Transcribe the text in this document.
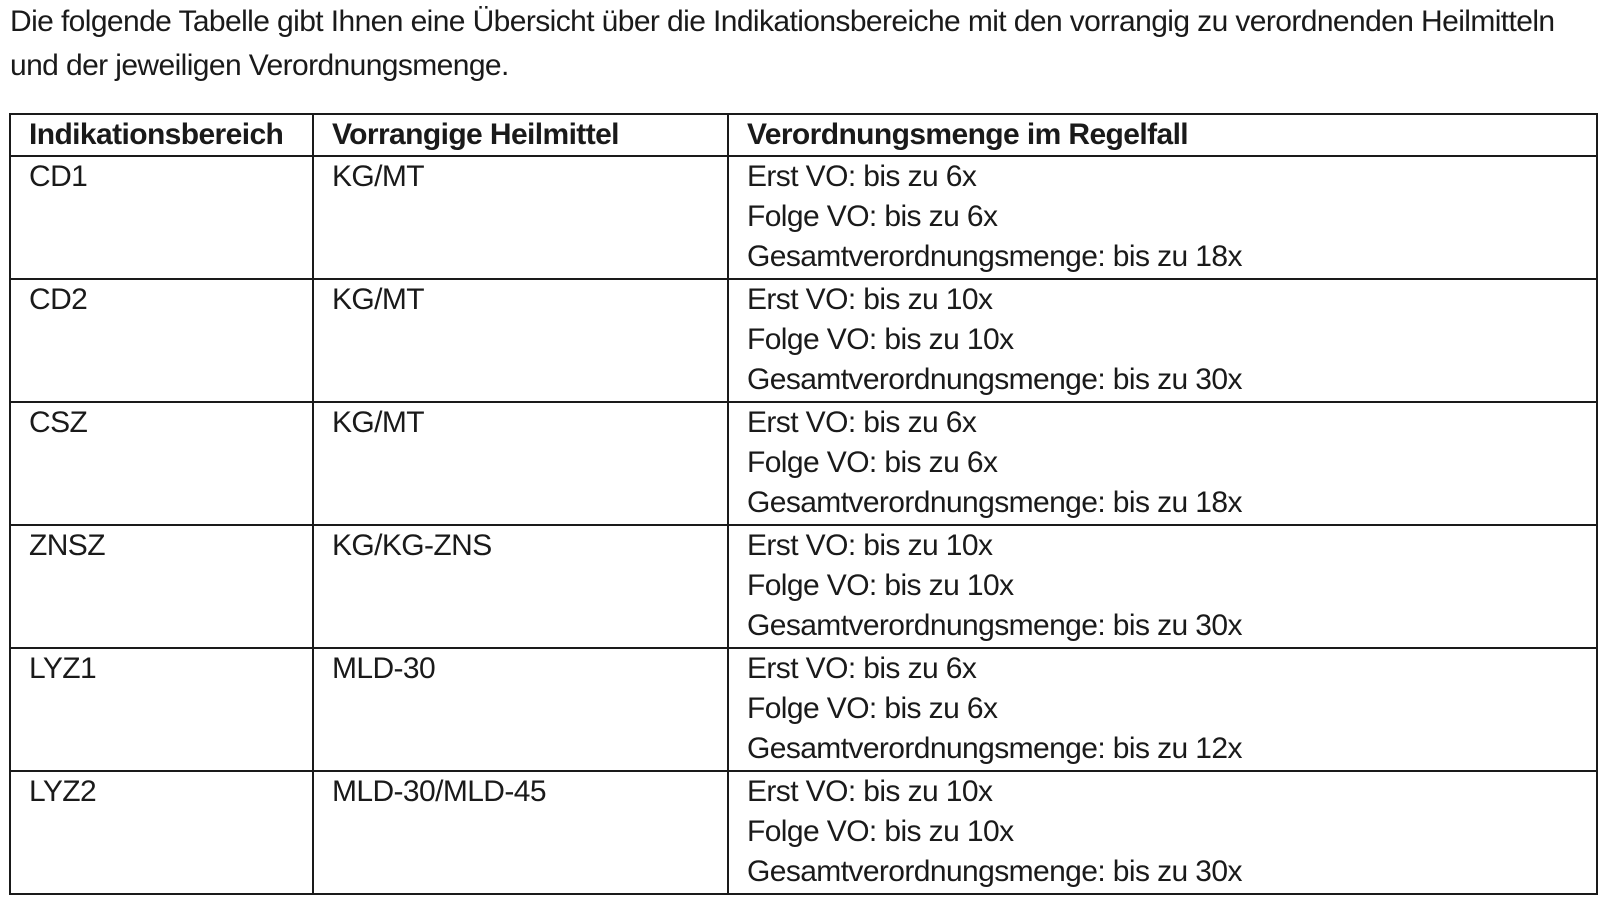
Die folgende Tabelle gibt Ihnen eine Übersicht über die Indikationsbereiche mit den vorrangig zu verordnenden Heilmitteln
und der jeweiligen Verordnungsmenge.

Indikationsbereich	Vorrangige Heilmittel	Verordnungsmenge im Regelfall
CD1	KG/MT	Erst VO: bis zu 6x
Folge VO: bis zu 6x
Gesamtverordnungsmenge: bis zu 18x

CD2	KG/MT	Erst VO: bis zu 10x
Folge VO: bis zu 10x
Gesamtverordnungsmenge: bis zu 30x

CSZ	KG/MT	Erst VO: bis zu 6x
Folge VO: bis zu 6x
Gesamtverordnungsmenge: bis zu 18x

ZNSZ	KG/KG-ZNS	Erst VO: bis zu 10x
Folge VO: bis zu 10x
Gesamtverordnungsmenge: bis zu 30x

LYZ1	MLD-30	Erst VO: bis zu 6x
Folge VO: bis zu 6x
Gesamtverordnungsmenge: bis zu 12x

LYZ2	MLD-30/MLD-45	Erst VO: bis zu 10x
Folge VO: bis zu 10x
Gesamtverordnungsmenge: bis zu 30x
